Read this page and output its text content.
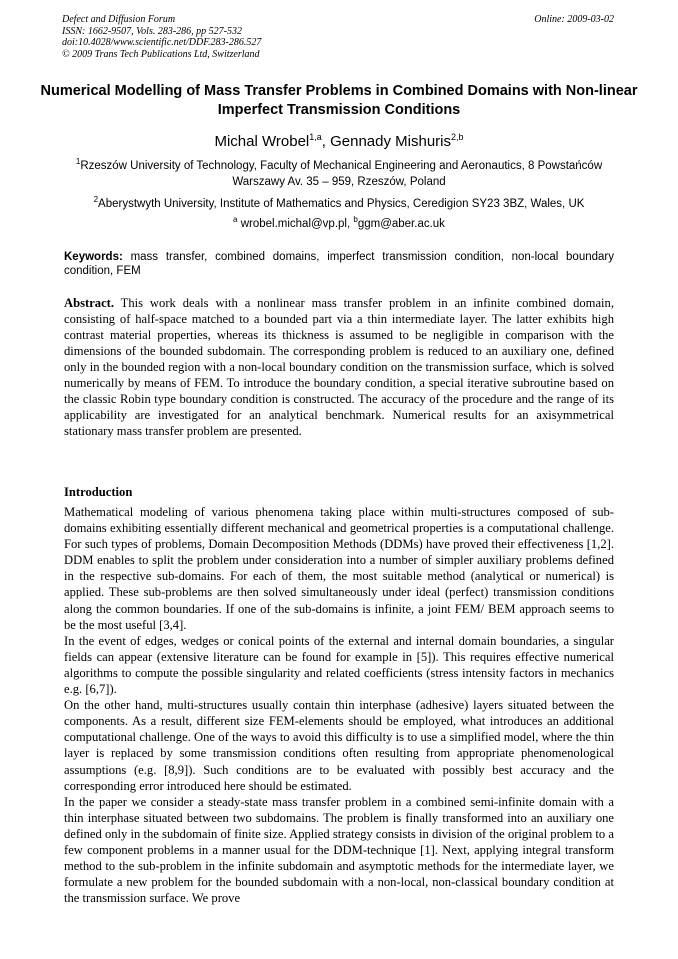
Defect and Diffusion Forum
ISSN: 1662-9507, Vols. 283-286, pp 527-532
doi:10.4028/www.scientific.net/DDF.283-286.527
© 2009 Trans Tech Publications Ltd, Switzerland
Online: 2009-03-02
Numerical Modelling of Mass Transfer Problems in Combined Domains with Non-linear Imperfect Transmission Conditions
Michal Wrobel$^{1,a}$, Gennady Mishuris$^{2,b}$
$^1$Rzeszów University of Technology, Faculty of Mechanical Engineering and Aeronautics, 8 Powstańców Warszawy Av. 35 – 959, Rzeszów, Poland
$^2$Aberystwyth University, Institute of Mathematics and Physics, Ceredigion SY23 3BZ, Wales, UK
$^a$ wrobel.michal@vp.pl, $^b$ggm@aber.ac.uk
Keywords: mass transfer, combined domains, imperfect transmission condition, non-local boundary condition, FEM
Abstract. This work deals with a nonlinear mass transfer problem in an infinite combined domain, consisting of half-space matched to a bounded part via a thin intermediate layer. The latter exhibits high contrast material properties, whereas its thickness is assumed to be negligible in comparison with the dimensions of the bounded subdomain. The corresponding problem is reduced to an auxiliary one, defined only in the bounded region with a non-local boundary condition on the transmission surface, which is solved numerically by means of FEM. To introduce the boundary condition, a special iterative subroutine based on the classic Robin type boundary condition is constructed. The accuracy of the procedure and the range of its applicability are investigated for an analytical benchmark. Numerical results for an axisymmetrical stationary mass transfer problem are presented.
Introduction

Mathematical modeling of various phenomena taking place within multi-structures composed of sub-domains exhibiting essentially different mechanical and geometrical properties is a computational challenge. For such types of problems, Domain Decomposition Methods (DDMs) have proved their effectiveness [1,2]. DDM enables to split the problem under consideration into a number of simpler auxiliary problems defined in the respective sub-domains. For each of them, the most suitable method (analytical or numerical) is applied. These sub-problems are then solved simultaneously under ideal (perfect) transmission conditions along the common boundaries. If one of the sub-domains is infinite, a joint FEM/ BEM approach seems to be the most useful [3,4].

In the event of edges, wedges or conical points of the external and internal domain boundaries, a singular fields can appear (extensive literature can be found for example in [5]). This requires effective numerical algorithms to compute the possible singularity and related coefficients (stress intensity factors in mechanics e.g. [6,7]).

On the other hand, multi-structures usually contain thin interphase (adhesive) layers situated between the components. As a result, different size FEM-elements should be employed, what introduces an additional computational challenge. One of the ways to avoid this difficulty is to use a simplified model, where the thin layer is replaced by some transmission conditions often resulting from appropriate phenomenological assumptions (e.g. [8,9]). Such conditions are to be evaluated with possibly best accuracy and the corresponding error introduced here should be estimated.

In the paper we consider a steady-state mass transfer problem in a combined semi-infinite domain with a thin interphase situated between two subdomains. The problem is finally transformed into an auxiliary one defined only in the subdomain of finite size. Applied strategy consists in division of the original problem to a few component problems in a manner usual for the DDM-technique [1]. Next, applying integral transform method to the sub-problem in the infinite subdomain and asymptotic methods for the intermediate layer, we formulate a new problem for the bounded subdomain with a non-local, non-classical boundary condition at the transmission surface. We prove
